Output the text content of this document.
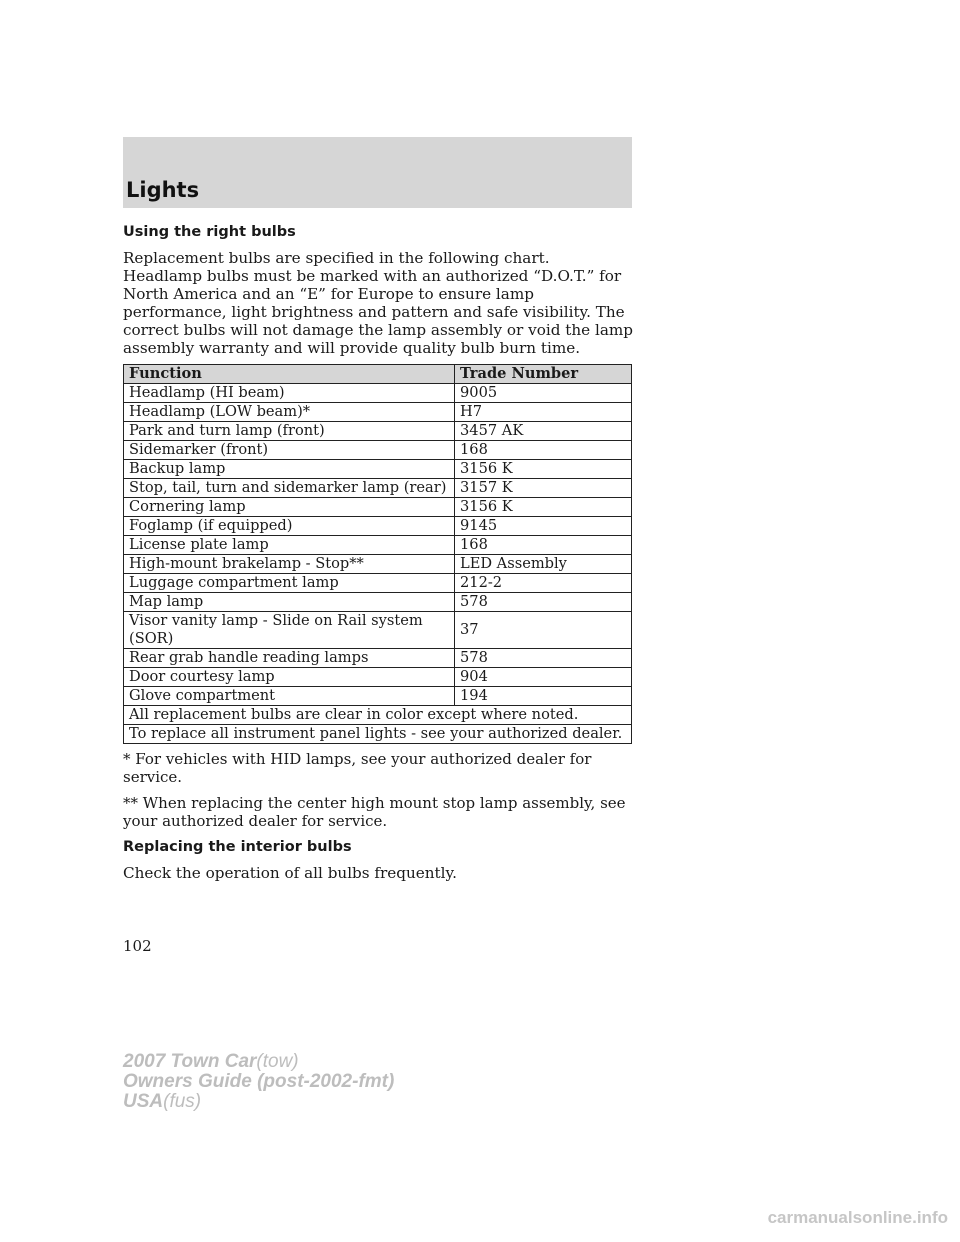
Lights
Using the right bulbs

Replacement bulbs are specified in the following chart. Headlamp bulbs must be marked with an authorized “D.O.T.” for North America and an “E” for Europe to ensure lamp performance, light brightness and pattern and safe visibility. The correct bulbs will not damage the lamp assembly or void the lamp assembly warranty and will provide quality bulb burn time.

Function	Trade Number
Headlamp (HI beam)	9005
Headlamp (LOW beam)*	H7
Park and turn lamp (front)	3457 AK
Sidemarker (front)	168
Backup lamp	3156 K
Stop, tail, turn and sidemarker lamp (rear)	3157 K
Cornering lamp	3156 K
Foglamp (if equipped)	9145
License plate lamp	168
High-mount brakelamp - Stop**	LED Assembly
Luggage compartment lamp	212-2
Map lamp	578
Visor vanity lamp - Slide on Rail system (SOR)	37
Rear grab handle reading lamps	578
Door courtesy lamp	904
Glove compartment	194
All replacement bulbs are clear in color except where noted.	
To replace all instrument panel lights - see your authorized dealer.	

* For vehicles with HID lamps, see your authorized dealer for service.

** When replacing the center high mount stop lamp assembly, see your authorized dealer for service.

Replacing the interior bulbs

Check the operation of all bulbs frequently.

102
2007 Town Car(tow)
Owners Guide (post-2002-fmt)
USA(fus)
carmanualsonline.info
